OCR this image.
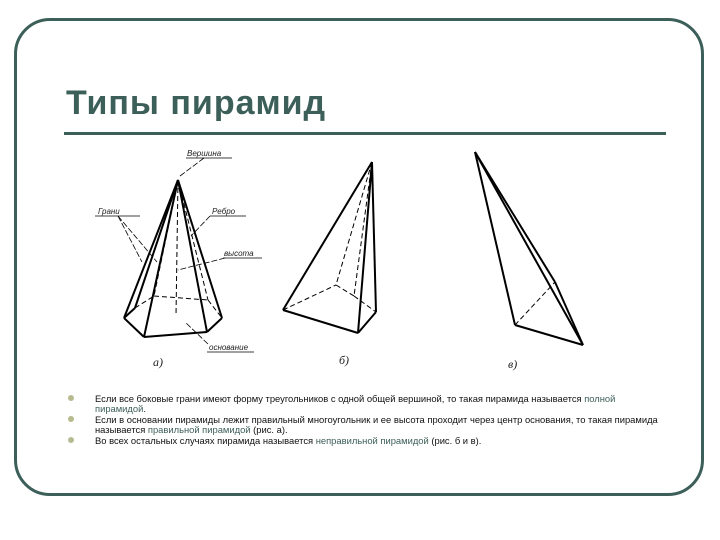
Типы пирамид
Вершина
Грани	Ребро
высота
основание
а)	б)	в)
Если все боковые грани имеют форму треугольников с одной общей вершиной, то такая пирамида называется полной пирамидой.
Если в основании пирамиды лежит правильный многоугольник и ее высота проходит через центр основания, то такая пирамида называется правильной пирамидой (рис. а).
Во всех остальных случаях пирамида называется неправильной пирамидой (рис. б и в).
